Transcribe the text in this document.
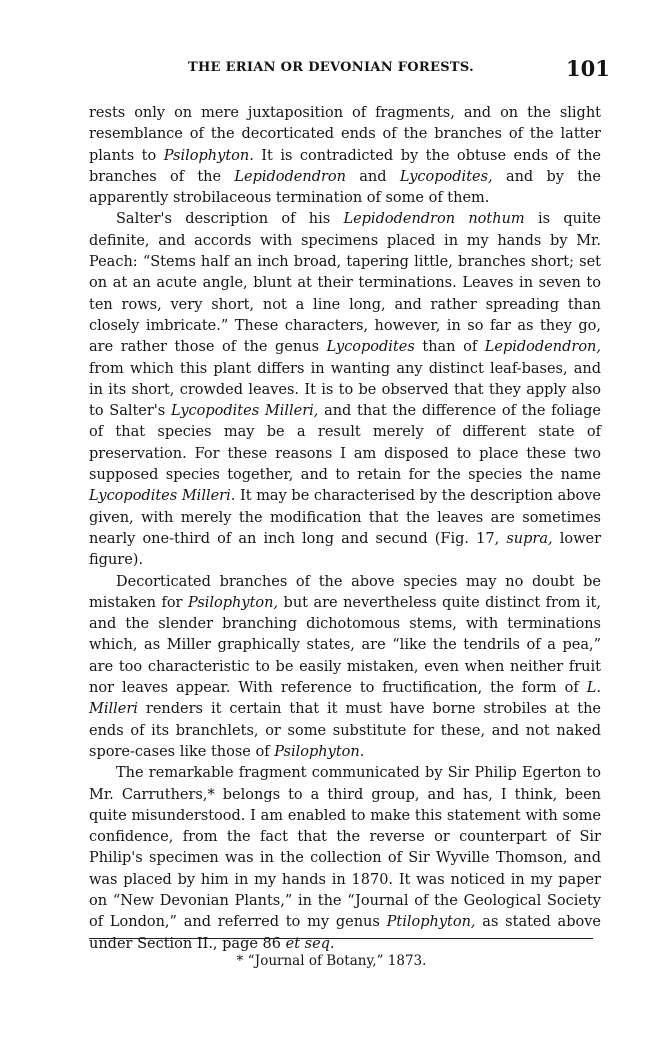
THE ERIAN OR DEVONIAN FORESTS.	101

rests only on mere juxtaposition of fragments, and on the slight resemblance of the decorticated ends of the branches of the latter plants to Psilophyton. It is contradicted by the obtuse ends of the branches of the Lepidodendron and Lycopodites, and by the apparently strobilaceous termination of some of them.

Salter's description of his Lepidodendron nothum is quite definite, and accords with specimens placed in my hands by Mr. Peach: “Stems half an inch broad, tapering little, branches short; set on at an acute angle, blunt at their terminations. Leaves in seven to ten rows, very short, not a line long, and rather spreading than closely imbricate.” These characters, however, in so far as they go, are rather those of the genus Lycopodites than of Lepidodendron, from which this plant differs in wanting any distinct leaf-bases, and in its short, crowded leaves. It is to be observed that they apply also to Salter's Lycopodites Milleri, and that the difference of the foliage of that species may be a result merely of different state of preservation. For these reasons I am disposed to place these two supposed species together, and to retain for the species the name Lycopodites Milleri. It may be characterised by the description above given, with merely the modification that the leaves are sometimes nearly one-third of an inch long and secund (Fig. 17, supra, lower figure).

Decorticated branches of the above species may no doubt be mistaken for Psilophyton, but are nevertheless quite distinct from it, and the slender branching dichotomous stems, with terminations which, as Miller graphically states, are “like the tendrils of a pea,” are too characteristic to be easily mistaken, even when neither fruit nor leaves appear. With reference to fructification, the form of L. Milleri renders it certain that it must have borne strobiles at the ends of its branchlets, or some substitute for these, and not naked spore-cases like those of Psilophyton.

The remarkable fragment communicated by Sir Philip Egerton to Mr. Carruthers,* belongs to a third group, and has, I think, been quite misunderstood. I am enabled to make this statement with some confidence, from the fact that the reverse or counterpart of Sir Philip's specimen was in the collection of Sir Wyville Thomson, and was placed by him in my hands in 1870. It was noticed in my paper on “New Devonian Plants,” in the “Journal of the Geological Society of London,” and referred to my genus Ptilophyton, as stated above under Section II., page 86 et seq.

* “Journal of Botany,” 1873.
